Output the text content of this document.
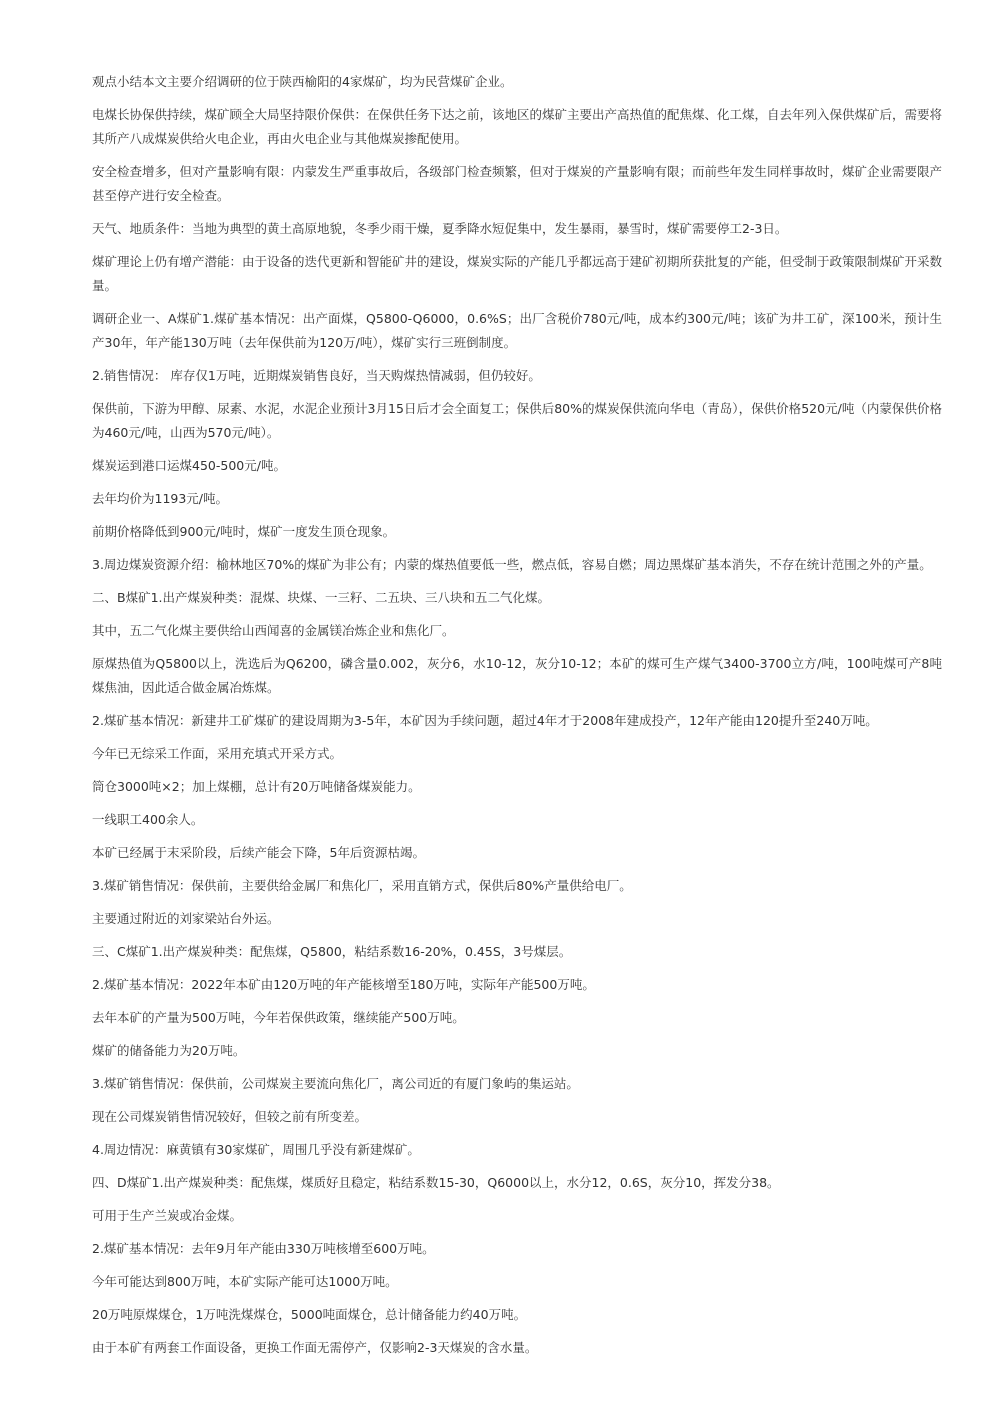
观点小结本文主要介绍调研的位于陕西榆阳的4家煤矿，均为民营煤矿企业。

电煤长协保供持续，煤矿顾全大局坚持限价保供：在保供任务下达之前，该地区的煤矿主要出产高热值的配焦煤、化工煤，自去年列入保供煤矿后，需要将其所产八成煤炭供给火电企业，再由火电企业与其他煤炭掺配使用。

安全检查增多，但对产量影响有限：内蒙发生严重事故后，各级部门检查频繁，但对于煤炭的产量影响有限；而前些年发生同样事故时，煤矿企业需要限产甚至停产进行安全检查。

天气、地质条件：当地为典型的黄土高原地貌，冬季少雨干燥，夏季降水短促集中，发生暴雨，暴雪时，煤矿需要停工2-3日。

煤矿理论上仍有增产潜能：由于设备的迭代更新和智能矿井的建设，煤炭实际的产能几乎都远高于建矿初期所获批复的产能，但受制于政策限制煤矿开采数量。

调研企业一、A煤矿1.煤矿基本情况：出产面煤，Q5800-Q6000，0.6%S；出厂含税价780元/吨，成本约300元/吨；该矿为井工矿，深100米，预计生产30年，年产能130万吨（去年保供前为120万/吨），煤矿实行三班倒制度。

2.销售情况： 库存仅1万吨，近期煤炭销售良好，当天购煤热情减弱，但仍较好。

保供前，下游为甲醇、尿素、水泥，水泥企业预计3月15日后才会全面复工；保供后80%的煤炭保供流向华电（青岛），保供价格520元/吨（内蒙保供价格为460元/吨，山西为570元/吨）。

煤炭运到港口运煤450-500元/吨。

去年均价为1193元/吨。

前期价格降低到900元/吨时，煤矿一度发生顶仓现象。

3.周边煤炭资源介绍：榆林地区70%的煤矿为非公有；内蒙的煤热值要低一些，燃点低，容易自燃；周边黑煤矿基本消失，不存在统计范围之外的产量。

二、B煤矿1.出产煤炭种类：混煤、块煤、一三籽、二五块、三八块和五二气化煤。

其中，五二气化煤主要供给山西闻喜的金属镁冶炼企业和焦化厂。

原煤热值为Q5800以上，洗选后为Q6200，磷含量0.002，灰分6，水10-12，灰分10-12；本矿的煤可生产煤气3400-3700立方/吨，100吨煤可产8吨煤焦油，因此适合做金属冶炼煤。

2.煤矿基本情况：新建井工矿煤矿的建设周期为3-5年，本矿因为手续问题，超过4年才于2008年建成投产，12年产能由120提升至240万吨。

今年已无综采工作面，采用充填式开采方式。

筒仓3000吨×2；加上煤棚，总计有20万吨储备煤炭能力。

一线职工400余人。

本矿已经属于末采阶段，后续产能会下降，5年后资源枯竭。

3.煤矿销售情况：保供前，主要供给金属厂和焦化厂，采用直销方式，保供后80%产量供给电厂。

主要通过附近的刘家梁站台外运。

三、C煤矿1.出产煤炭种类：配焦煤，Q5800，粘结系数16-20%，0.45S，3号煤层。

2.煤矿基本情况：2022年本矿由120万吨的年产能核增至180万吨，实际年产能500万吨。

去年本矿的产量为500万吨，今年若保供政策，继续能产500万吨。

煤矿的储备能力为20万吨。

3.煤矿销售情况：保供前，公司煤炭主要流向焦化厂，离公司近的有厦门象屿的集运站。

现在公司煤炭销售情况较好，但较之前有所变差。

4.周边情况：麻黄镇有30家煤矿，周围几乎没有新建煤矿。

四、D煤矿1.出产煤炭种类：配焦煤，煤质好且稳定，粘结系数15-30，Q6000以上，水分12，0.6S，灰分10，挥发分38。

可用于生产兰炭或冶金煤。

2.煤矿基本情况：去年9月年产能由330万吨核增至600万吨。

今年可能达到800万吨，本矿实际产能可达1000万吨。

20万吨原煤煤仓，1万吨洗煤煤仓，5000吨面煤仓，总计储备能力约40万吨。

由于本矿有两套工作面设备，更换工作面无需停产，仅影响2-3天煤炭的含水量。
